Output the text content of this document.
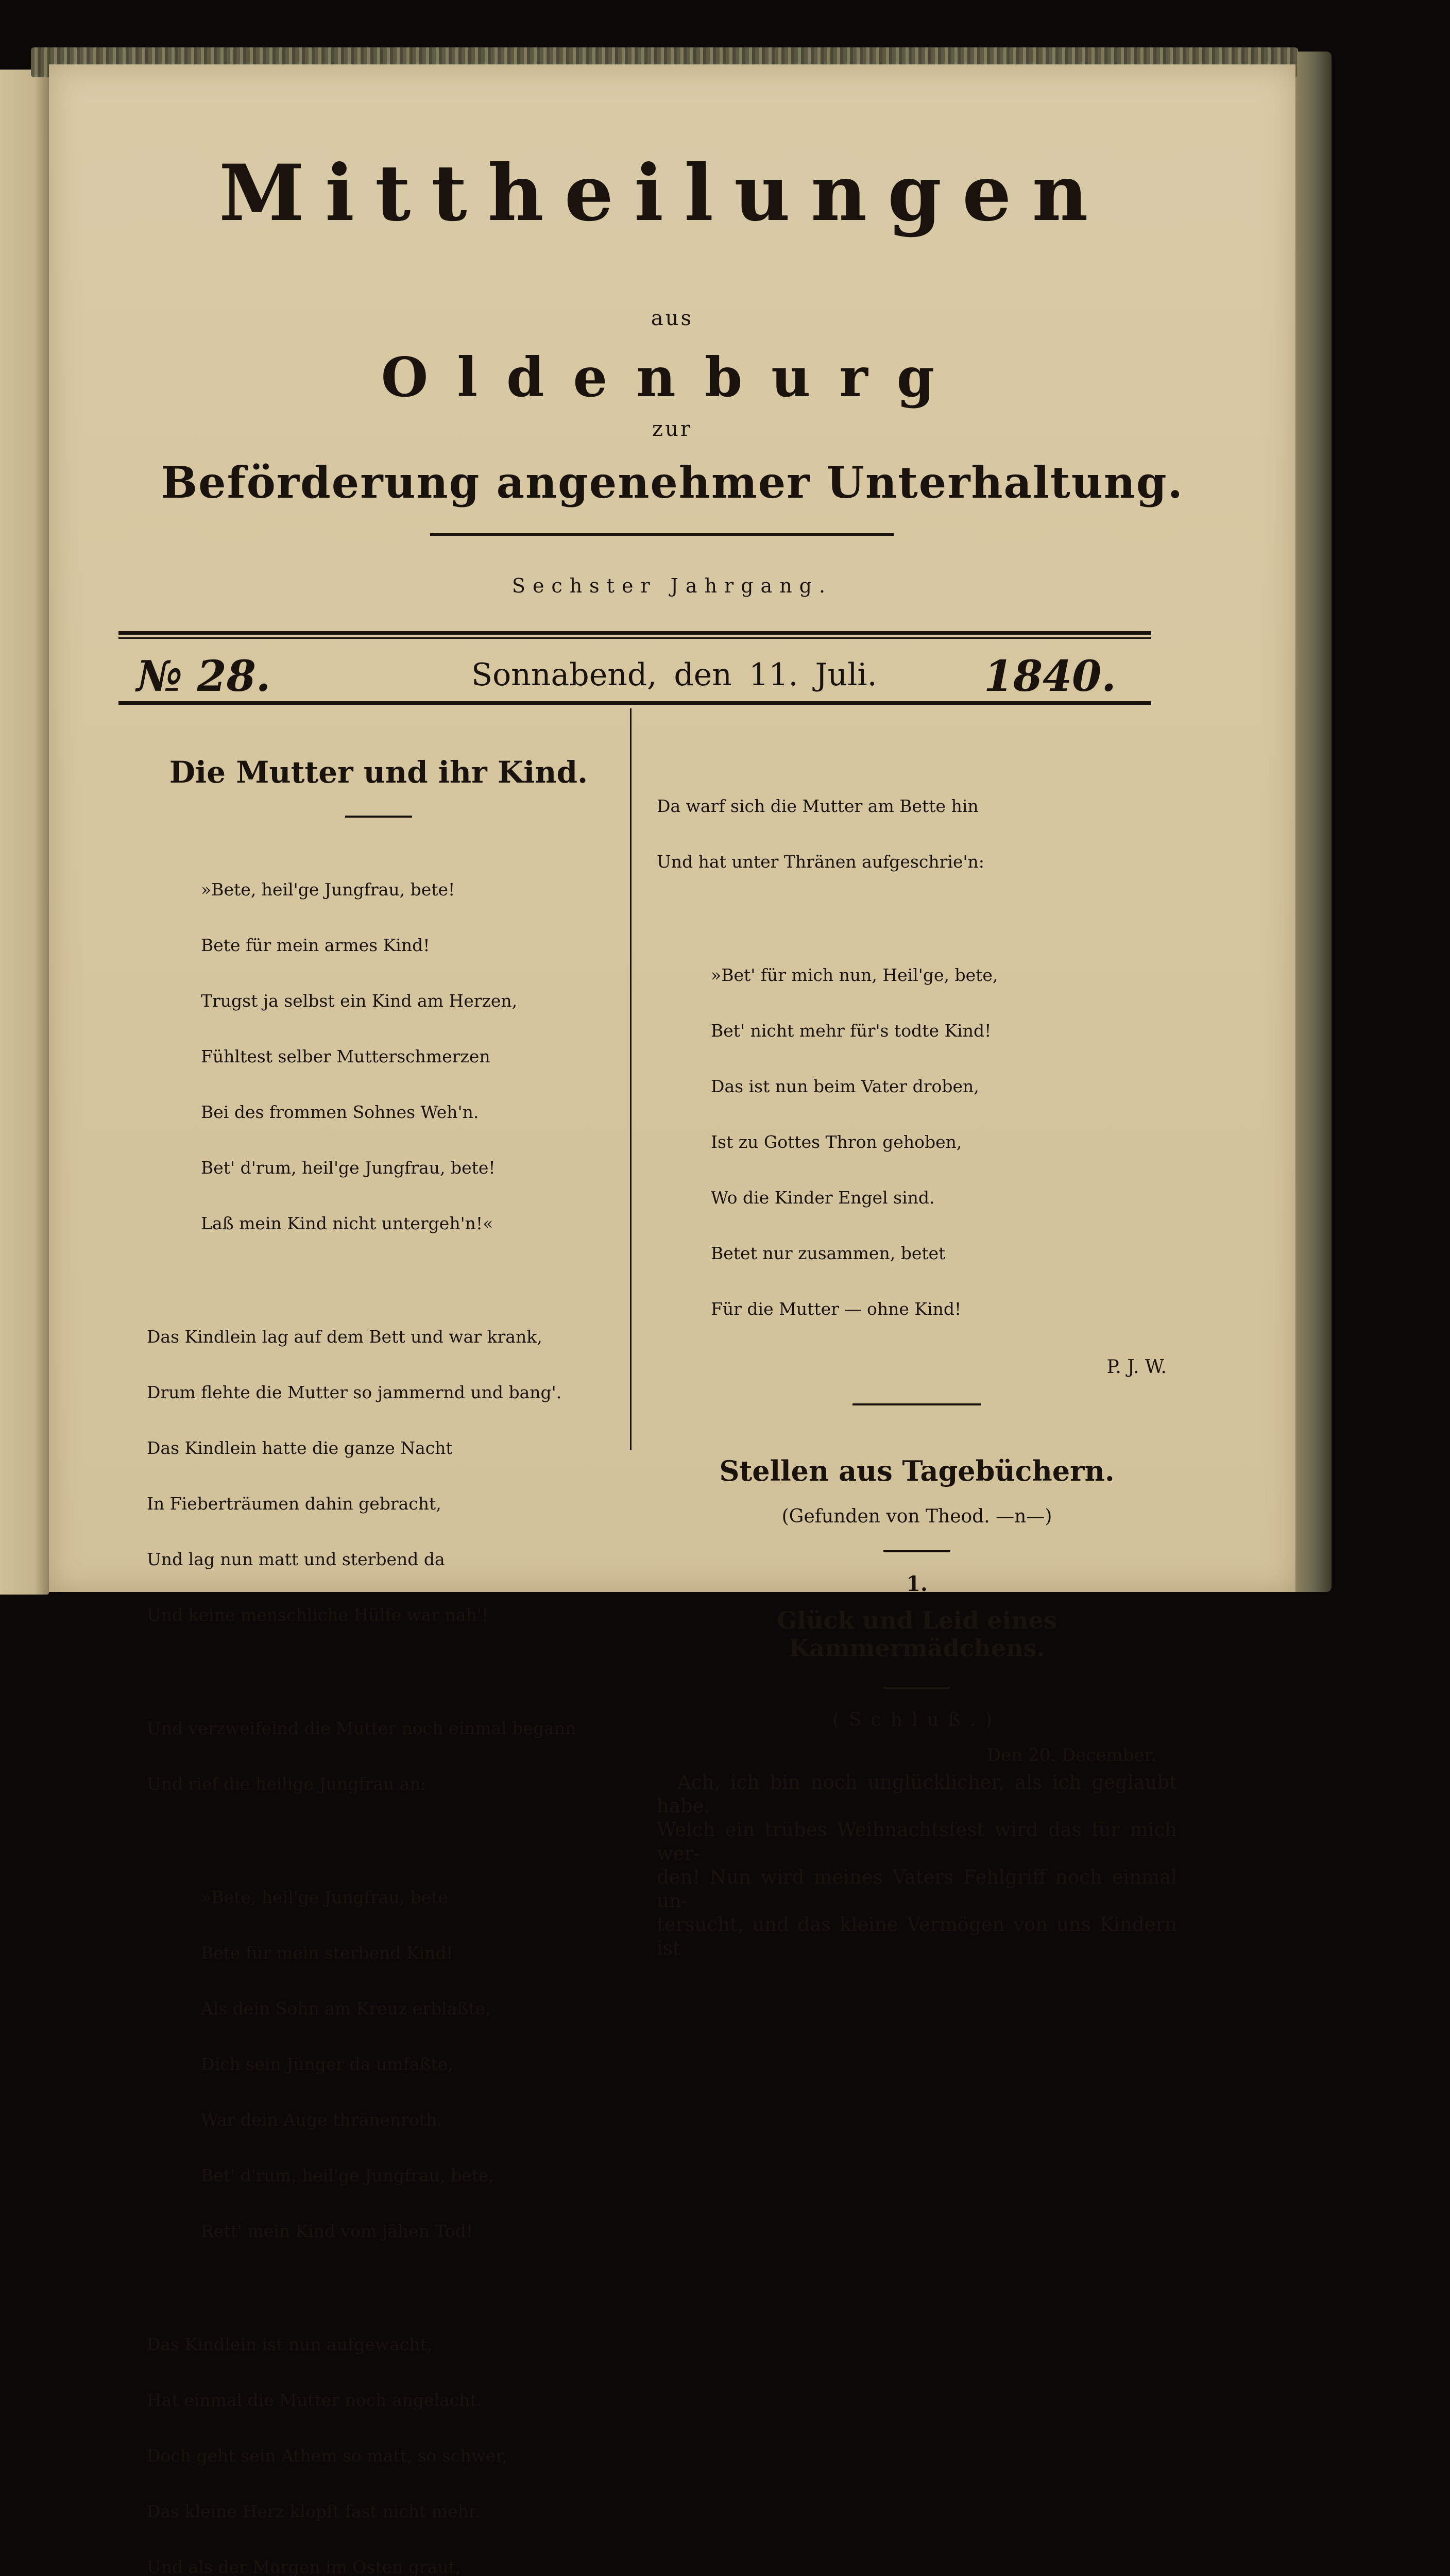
Mittheilungen
aus
Oldenburg
zur
Beförderung angenehmer Unterhaltung.
Sechster Jahrgang.
№ 28.	Sonnabend, den 11. Juli.	1840.
Die Mutter und ihr Kind.

»Bete, heil'ge Jungfrau, bete!

Bete für mein armes Kind!

Trugst ja selbst ein Kind am Herzen,

Fühltest selber Mutterschmerzen

Bei des frommen Sohnes Weh'n.

Bet' d'rum, heil'ge Jungfrau, bete!

Laß mein Kind nicht untergeh'n!«

Das Kindlein lag auf dem Bett und war krank,

Drum flehte die Mutter so jammernd und bang'.

Das Kindlein hatte die ganze Nacht

In Fieberträumen dahin gebracht,

Und lag nun matt und sterbend da

Und keine menschliche Hülfe war nah'!

Und verzweifelnd die Mutter noch einmal begann

Und rief die heilige Jungfrau an:

»Bete, heil'ge Jungfrau, bete

Bete für mein sterbend Kind!

Als dein Sohn am Kreuz erblaßte,

Dich sein Jünger da umfaßte,

War dein Auge thränenroth.

Bet' d'rum, heil'ge Jungfrau, bete,

Rett' mein Kind vom jähen Tod!

Das Kindlein ist nun aufgewacht,

Hat einmal die Mutter noch angelacht.

Doch geht sein Athem so matt, so schwer,

Das kleine Herz klopft fast nicht mehr.

Und als der Morgen im Osten graut,

Da warf sich die Mutter am Bette hin

Und hat unter Thränen aufgeschrie'n:

»Bet' für mich nun, Heil'ge, bete,

Bet' nicht mehr für's todte Kind!

Das ist nun beim Vater droben,

Ist zu Gottes Thron gehoben,

Wo die Kinder Engel sind.

Betet nur zusammen, betet

Für die Mutter — ohne Kind!

P. J. W.
Stellen aus Tagebüchern.
(Gefunden von Theod. —n—)
1.
Glück und Leid eines Kammermädchens.
(Schluß.)
Den 20. December.
Ach, ich bin noch unglücklicher, als ich geglaubt habe.
Welch ein trübes Weihnachtsfest wird das für mich wer-
den! Nun wird meines Vaters Fehlgriff noch einmal un-
tersucht, und das kleine Vermögen von uns Kindern ist
